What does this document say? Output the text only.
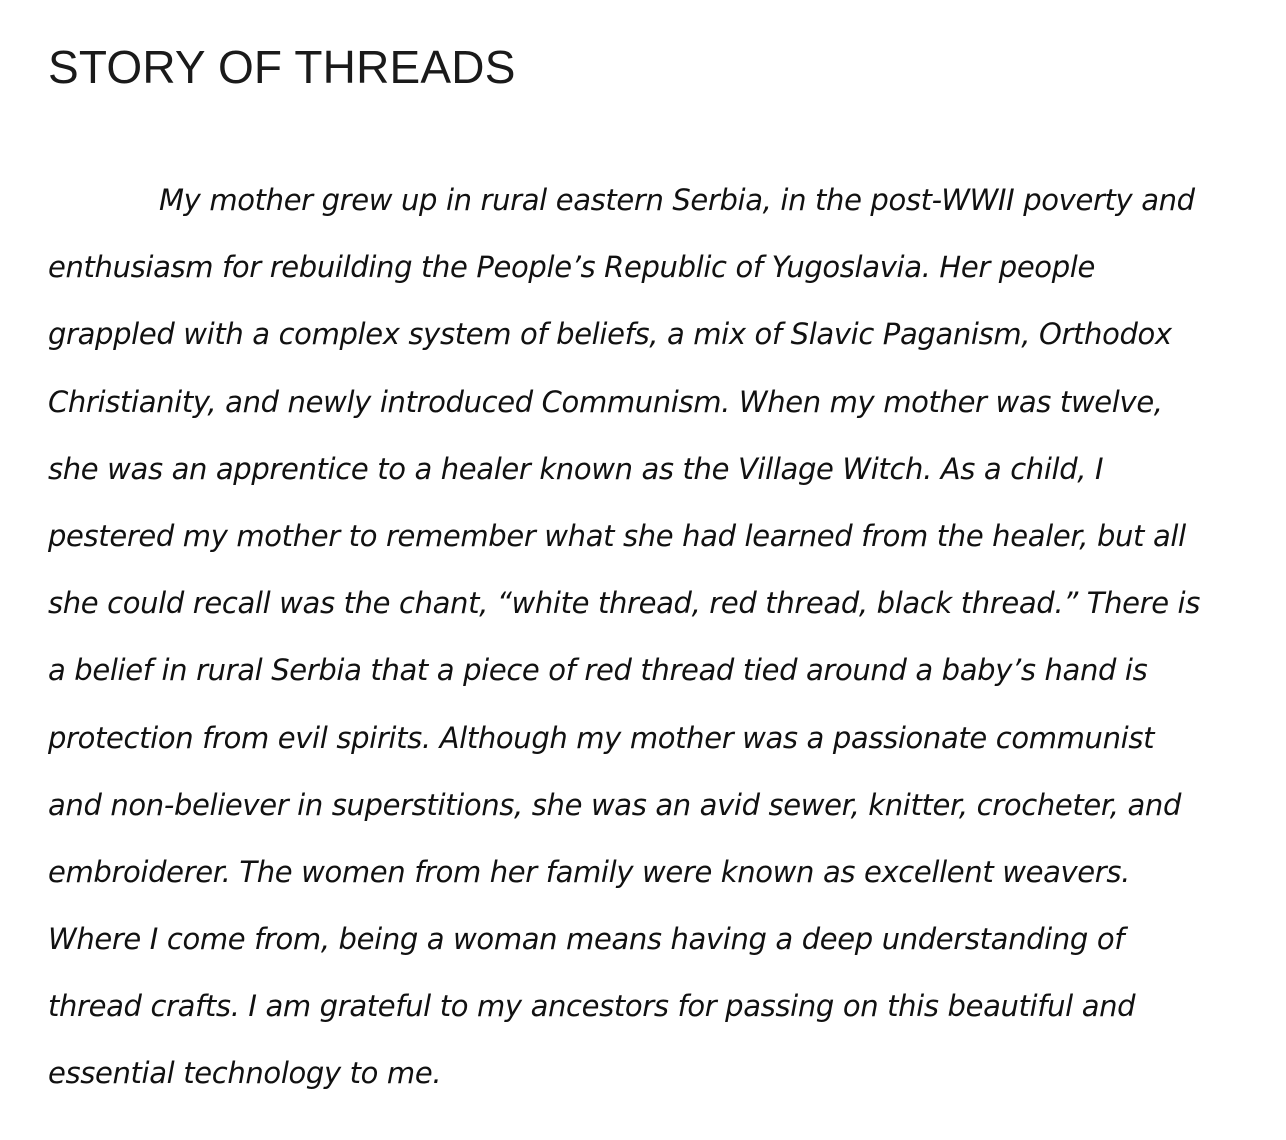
STORY OF THREADS
My mother grew up in rural eastern Serbia, in the post-WWII poverty and
enthusiasm for rebuilding the People’s Republic of Yugoslavia. Her people
grappled with a complex system of beliefs, a mix of Slavic Paganism, Orthodox
Christianity, and newly introduced Communism. When my mother was twelve,
she was an apprentice to a healer known as the Village Witch. As a child, I
pestered my mother to remember what she had learned from the healer, but all
she could recall was the chant, “white thread, red thread, black thread.” There is
a belief in rural Serbia that a piece of red thread tied around a baby’s hand is
protection from evil spirits. Although my mother was a passionate communist
and non-believer in superstitions, she was an avid sewer, knitter, crocheter, and
embroiderer. The women from her family were known as excellent weavers.
Where I come from, being a woman means having a deep understanding of
thread crafts. I am grateful to my ancestors for passing on this beautiful and
essential technology to me.
